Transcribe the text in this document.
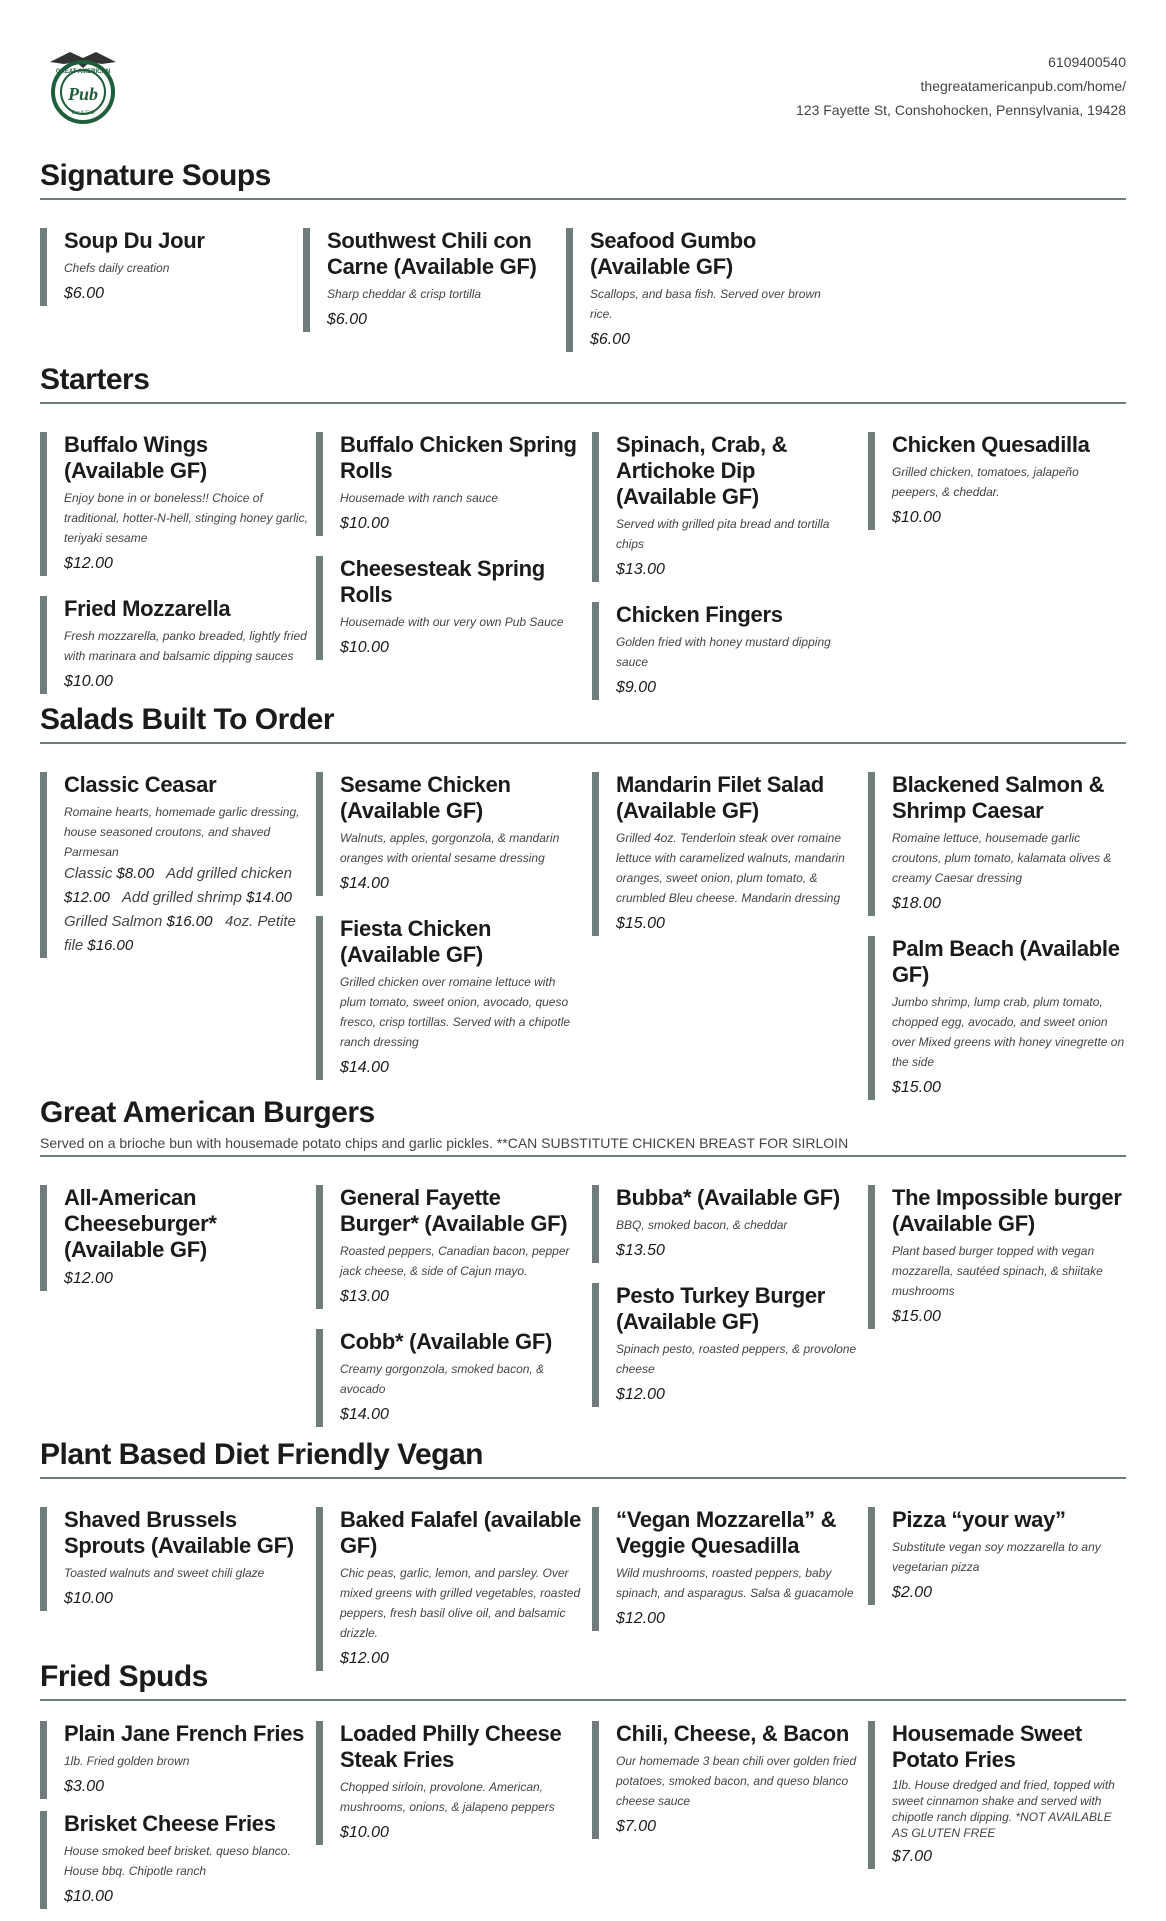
GREAT AMERICAN
Pub
Bar & Grill
6109400540
thegreatamericanpub.com/home/
123 Fayette St, Conshohocken, Pennsylvania, 19428
Signature Soups
Soup Du Jour
Chefs daily creation
$6.00
Southwest Chili con Carne (Available GF)
Sharp cheddar & crisp tortilla
$6.00
Seafood Gumbo (Available GF)
Scallops, and basa fish. Served over brown rice.
$6.00
Starters
Buffalo Wings (Available GF)
Enjoy bone in or boneless!! Choice of traditional, hotter-N-hell, stinging honey garlic, teriyaki sesame
$12.00
Fried Mozzarella
Fresh mozzarella, panko breaded, lightly fried with marinara and balsamic dipping sauces
$10.00
Buffalo Chicken Spring Rolls
Housemade with ranch sauce
$10.00
Cheesesteak Spring Rolls
Housemade with our very own Pub Sauce
$10.00
Spinach, Crab, & Artichoke Dip (Available GF)
Served with grilled pita bread and tortilla chips
$13.00
Chicken Fingers
Golden fried with honey mustard dipping sauce
$9.00
Chicken Quesadilla
Grilled chicken, tomatoes, jalapeño peepers, & cheddar.
$10.00
Salads Built To Order
Classic Ceasar
Romaine hearts, homemade garlic dressing, house seasoned croutons, and shaved Parmesan
Classic $8.00 Add grilled chicken $12.00 Add grilled shrimp $14.00   Grilled Salmon $16.00 4oz. Petite file $16.00
Sesame Chicken (Available GF)
Walnuts, apples, gorgonzola, & mandarin oranges with oriental sesame dressing
$14.00
Fiesta Chicken (Available GF)
Grilled chicken over romaine lettuce with plum tomato, sweet onion, avocado, queso fresco, crisp tortillas. Served with a chipotle ranch dressing
$14.00
Mandarin Filet Salad (Available GF)
Grilled 4oz. Tenderloin steak over romaine lettuce with caramelized walnuts, mandarin oranges, sweet onion, plum tomato, & crumbled Bleu cheese. Mandarin dressing
$15.00
Blackened Salmon & Shrimp Caesar
Romaine lettuce, housemade garlic croutons, plum tomato, kalamata olives & creamy Caesar dressing
$18.00
Palm Beach (Available GF)
Jumbo shrimp, lump crab, plum tomato, chopped egg, avocado, and sweet onion over Mixed greens with honey vinegrette on the side
$15.00
Great American Burgers
Served on a brioche bun with housemade potato chips and garlic pickles. **CAN SUBSTITUTE CHICKEN BREAST FOR SIRLOIN
All-American Cheeseburger* (Available GF)
$12.00
General Fayette Burger* (Available GF)
Roasted peppers, Canadian bacon, pepper jack cheese, & side of Cajun mayo.
$13.00
Cobb* (Available GF)
Creamy gorgonzola, smoked bacon, & avocado
$14.00
Bubba* (Available GF)
BBQ, smoked bacon, & cheddar
$13.50
Pesto Turkey Burger (Available GF)
Spinach pesto, roasted peppers, & provolone cheese
$12.00
The Impossible burger (Available GF)
Plant based burger topped with vegan mozzarella, sautéed spinach, & shiitake mushrooms
$15.00
Plant Based Diet Friendly Vegan
Shaved Brussels Sprouts (Available GF)
Toasted walnuts and sweet chili glaze
$10.00
Baked Falafel (available GF)
Chic peas, garlic, lemon, and parsley. Over mixed greens with grilled vegetables, roasted peppers, fresh basil olive oil, and balsamic drizzle.
$12.00
“Vegan Mozzarella” & Veggie Quesadilla
Wild mushrooms, roasted peppers, baby spinach, and asparagus. Salsa & guacamole
$12.00
Pizza “your way”
Substitute vegan soy mozzarella to any vegetarian pizza
$2.00
Fried Spuds
Plain Jane French Fries
1lb. Fried golden brown
$3.00
Brisket Cheese Fries
House smoked beef brisket. queso blanco. House bbq. Chipotle ranch
$10.00
Loaded Philly Cheese Steak Fries
Chopped sirloin, provolone. American, mushrooms, onions, & jalapeno peppers
$10.00
Chili, Cheese, & Bacon
Our homemade 3 bean chili over golden fried potatoes, smoked bacon, and queso blanco cheese sauce
$7.00
Housemade Sweet Potato Fries
1lb. House dredged and fried, topped with sweet cinnamon shake and served with chipotle ranch dipping. *NOT AVAILABLE AS GLUTEN FREE
$7.00
